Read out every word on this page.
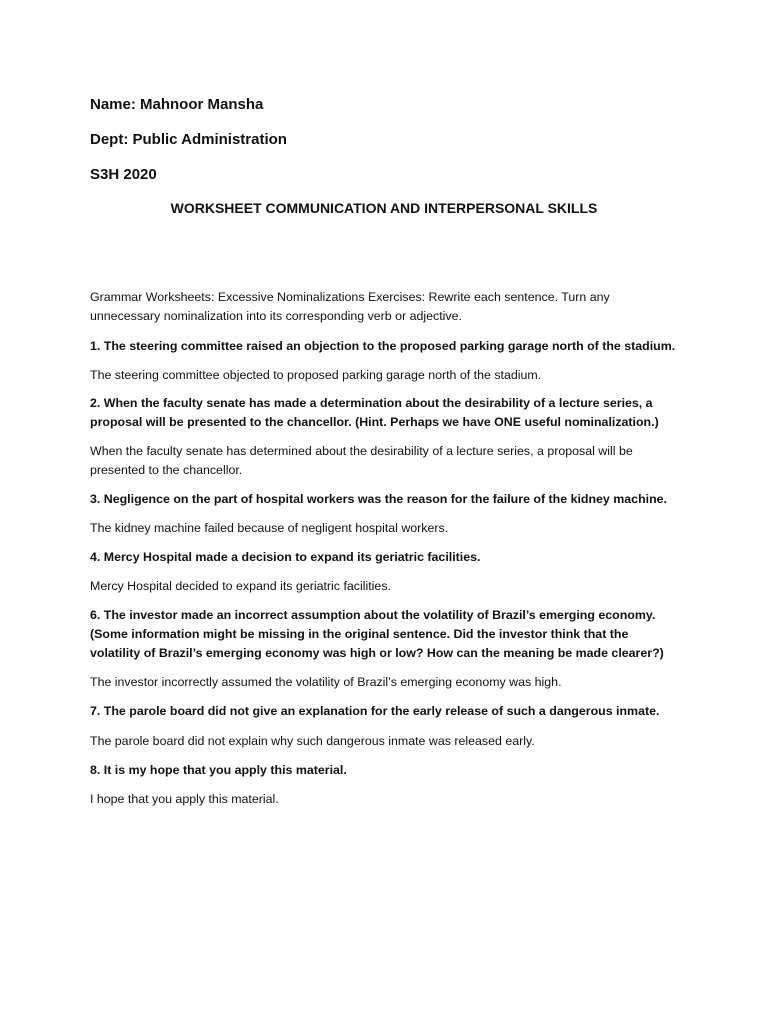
Name: Mahnoor Mansha
Dept: Public Administration
S3H 2020
WORKSHEET COMMUNICATION AND INTERPERSONAL SKILLS
Grammar Worksheets: Excessive Nominalizations Exercises: Rewrite each sentence. Turn any unnecessary nominalization into its corresponding verb or adjective.
1. The steering committee raised an objection to the proposed parking garage north of the stadium.
The steering committee objected to proposed parking garage north of the stadium.
2. When the faculty senate has made a determination about the desirability of a lecture series, a proposal will be presented to the chancellor. (Hint. Perhaps we have ONE useful nominalization.)
When the faculty senate has determined about the desirability of a lecture series, a proposal will be presented to the chancellor.
3. Negligence on the part of hospital workers was the reason for the failure of the kidney machine.
The kidney machine failed because of negligent hospital workers.
4. Mercy Hospital made a decision to expand its geriatric facilities.
Mercy Hospital decided to expand its geriatric facilities.
6. The investor made an incorrect assumption about the volatility of Brazil’s emerging economy. (Some information might be missing in the original sentence. Did the investor think that the volatility of Brazil’s emerging economy was high or low? How can the meaning be made clearer?)
The investor incorrectly assumed the volatility of Brazil’s emerging economy was high.
7. The parole board did not give an explanation for the early release of such a dangerous inmate.
The parole board did not explain why such dangerous inmate was released early.
8. It is my hope that you apply this material.
I hope that you apply this material.
